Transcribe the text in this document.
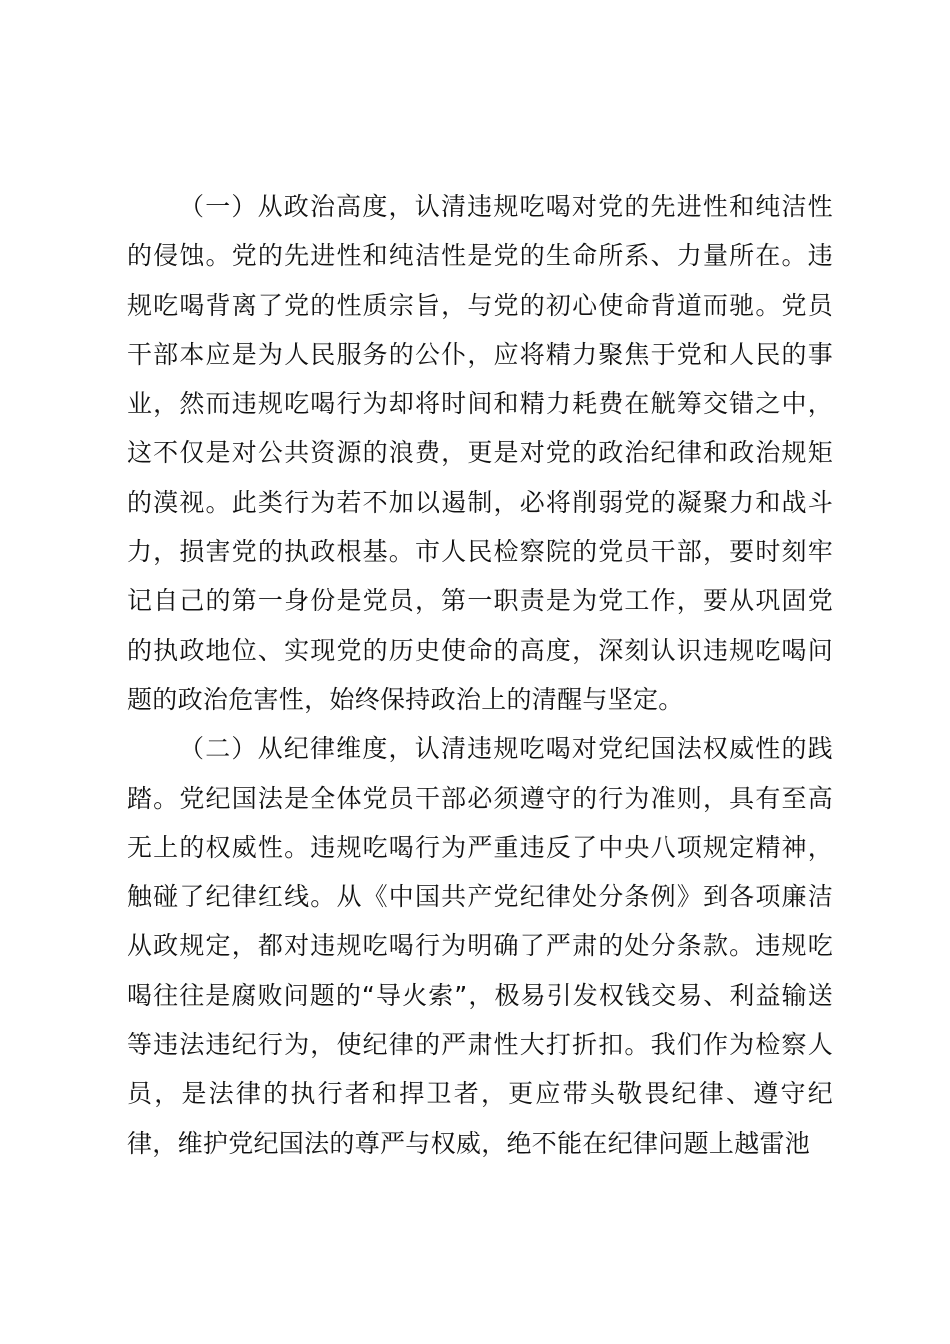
（一）从政治高度，认清违规吃喝对党的先进性和纯洁性的侵蚀。党的先进性和纯洁性是党的生命所系、力量所在。违规吃喝背离了党的性质宗旨，与党的初心使命背道而驰。党员干部本应是为人民服务的公仆，应将精力聚焦于党和人民的事业，然而违规吃喝行为却将时间和精力耗费在觥筹交错之中，这不仅是对公共资源的浪费，更是对党的政治纪律和政治规矩的漠视。此类行为若不加以遏制，必将削弱党的凝聚力和战斗力，损害党的执政根基。市人民检察院的党员干部，要时刻牢记自己的第一身份是党员，第一职责是为党工作，要从巩固党的执政地位、实现党的历史使命的高度，深刻认识违规吃喝问题的政治危害性，始终保持政治上的清醒与坚定。

（二）从纪律维度，认清违规吃喝对党纪国法权威性的践踏。党纪国法是全体党员干部必须遵守的行为准则，具有至高无上的权威性。违规吃喝行为严重违反了中央八项规定精神，触碰了纪律红线。从《中国共产党纪律处分条例》到各项廉洁从政规定，都对违规吃喝行为明确了严肃的处分条款。违规吃喝往往是腐败问题的“导火索”，极易引发权钱交易、利益输送等违法违纪行为，使纪律的严肃性大打折扣。我们作为检察人员，是法律的执行者和捍卫者，更应带头敬畏纪律、遵守纪律，维护党纪国法的尊严与权威，绝不能在纪律问题上越雷池
